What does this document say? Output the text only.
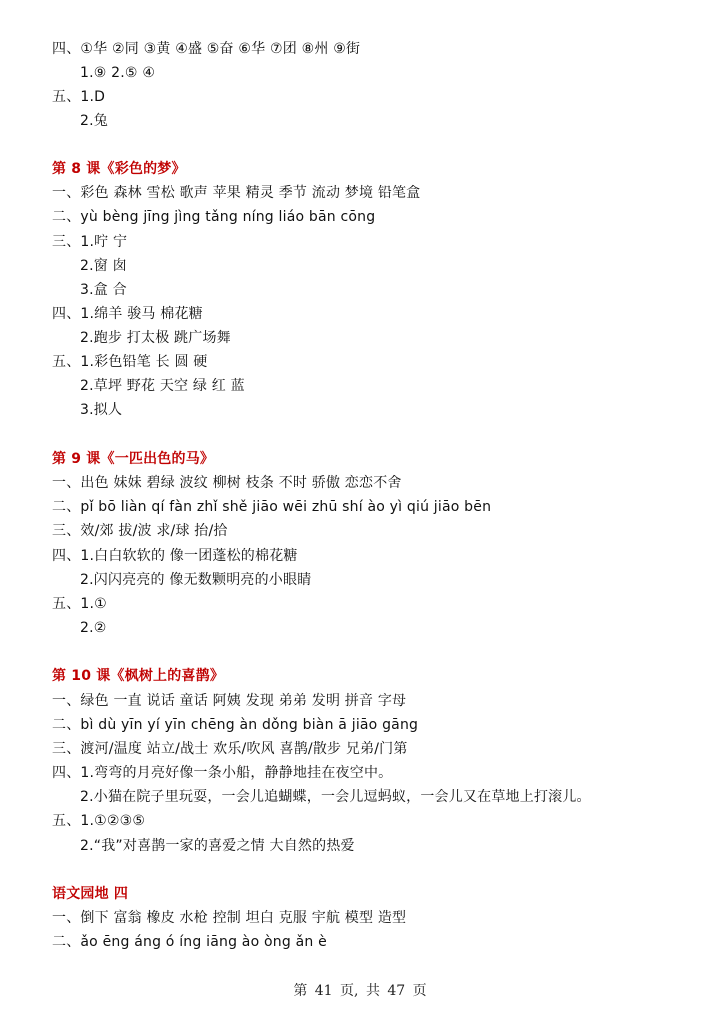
四、①华 ②同 ③黄 ④盛 ⑤奋 ⑥华 ⑦团 ⑧州 ⑨街
1.⑨ 2.⑤ ④
五、1.D
2.兔
第 8 课《彩色的梦》
一、彩色 森林 雪松 歌声 苹果 精灵 季节 流动 梦境 铅笔盒
二、yù bèng jīng jìng tǎng níng liáo bān cōng
三、1.咛 宁
2.窗 囱
3.盒 合
四、1.绵羊 骏马 棉花糖
2.跑步 打太极 跳广场舞
五、1.彩色铅笔 长 圆 硬
2.草坪 野花 天空 绿 红 蓝
3.拟人
第 9 课《一匹出色的马》
一、出色 妹妹 碧绿 波纹 柳树 枝条 不时 骄傲 恋恋不舍
二、pǐ bō liàn qí fàn zhǐ shě jiāo wēi zhū shí ào yì qiú jiāo bēn
三、效/郊 拔/波 求/球 抬/拾
四、1.白白软软的 像一团蓬松的棉花糖
2.闪闪亮亮的 像无数颗明亮的小眼睛
五、1.①
2.②
第 10 课《枫树上的喜鹊》
一、绿色 一直 说话 童话 阿姨 发现 弟弟 发明 拼音 字母
二、bì dù yīn yí yīn chēng àn dǒng biàn ā jiāo gāng
三、渡河/温度 站立/战士 欢乐/吹风 喜鹊/散步 兄弟/门第
四、1.弯弯的月亮好像一条小船，静静地挂在夜空中。
2.小猫在院子里玩耍，一会儿追蝴蝶，一会儿逗蚂蚁，一会儿又在草地上打滚儿。
五、1.①②③⑤
2.“我”对喜鹊一家的喜爱之情 大自然的热爱
语文园地 四
一、倒下 富翁 橡皮 水枪 控制 坦白 克服 宇航 模型 造型
二、ǎo ēng áng ó íng iāng ào òng ǎn è
第 41 页, 共 47 页
